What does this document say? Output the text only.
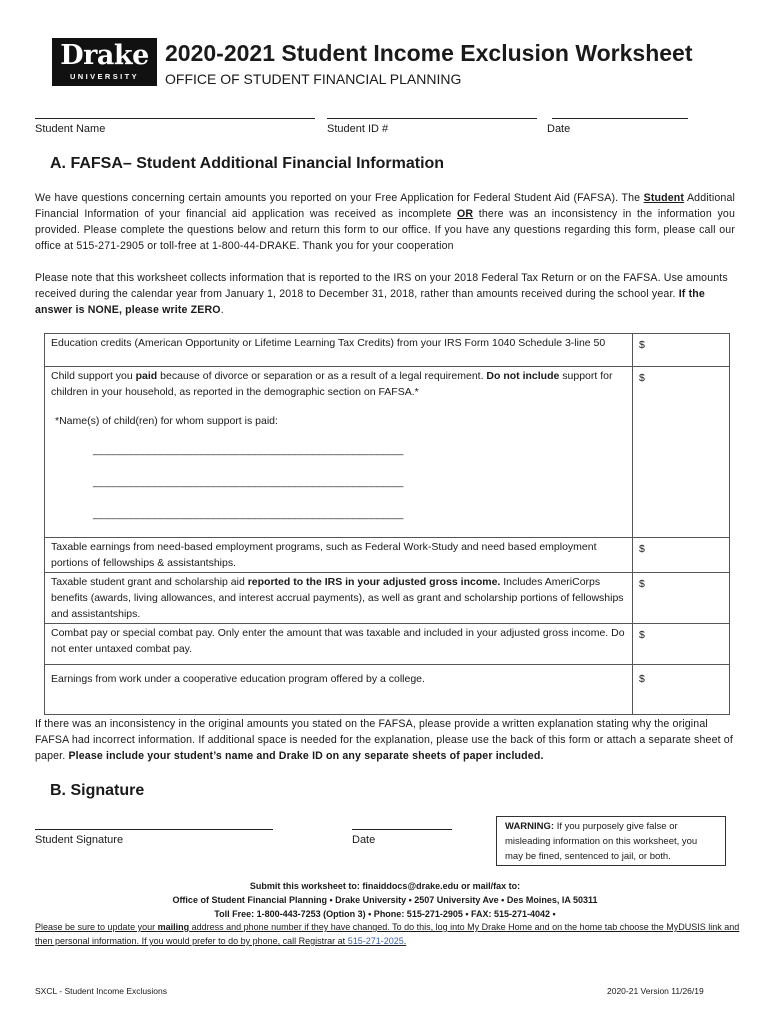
Drake
UNIVERSITY
2020-2021 Student Income Exclusion Worksheet
OFFICE OF STUDENT FINANCIAL PLANNING
Student Name	Student ID #	Date
A. FAFSA– Student Additional Financial Information
We have questions concerning certain amounts you reported on your Free Application for Federal Student Aid (FAFSA). The Student Additional Financial Information of your financial aid application was received as incomplete OR there was an inconsistency in the information you provided. Please complete the questions below and return this form to our office. If you have any questions regarding this form, please call our office at 515-271-2905 or toll-free at 1-800-44-DRAKE. Thank you for your cooperation
Please note that this worksheet collects information that is reported to the IRS on your 2018 Federal Tax Return or on the FAFSA. Use amounts received during the calendar year from January 1, 2018 to December 31, 2018, rather than amounts received during the school year. If the answer is NONE, please write ZERO.
Education credits (American Opportunity or Lifetime Learning Tax Credits) from your IRS Form 1040 Schedule 3-line 50	$

Child support you paid because of divorce or separation or as a result of a legal requirement. Do not include support for children in your household, as reported in the demographic section on FAFSA.*
*Name(s) of child(ren) for whom support is paid:
_____________________________________________________
_____________________________________________________
_____________________________________________________	$
Taxable earnings from need-based employment programs, such as Federal Work-Study and need based employment portions of fellowships & assistantships.	$
Taxable student grant and scholarship aid reported to the IRS in your adjusted gross income. Includes AmeriCorps benefits (awards, living allowances, and interest accrual payments), as well as grant and scholarship portions of fellowships and assistantships.	$
Combat pay or special combat pay. Only enter the amount that was taxable and included in your adjusted gross income. Do not enter untaxed combat pay.	$
Earnings from work under a cooperative education program offered by a college.	$
If there was an inconsistency in the original amounts you stated on the FAFSA, please provide a written explanation stating why the original FAFSA had incorrect information. If additional space is needed for the explanation, please use the back of this form or attach a separate sheet of paper. Please include your student’s name and Drake ID on any separate sheets of paper included.
B. Signature
Student Signature	Date
WARNING: If you purposely give false or misleading information on this worksheet, you may be fined, sentenced to jail, or both.
Submit this worksheet to: finaiddocs@drake.edu or mail/fax to:
Office of Student Financial Planning • Drake University • 2507 University Ave • Des Moines, IA 50311
Toll Free: 1-800-443-7253 (Option 3) • Phone: 515-271-2905 • FAX: 515-271-4042 •
Please be sure to update your mailing address and phone number if they have changed. To do this, log into My Drake Home and on the home tab choose the MyDUSIS link and then personal information. If you would prefer to do by phone, call Registrar at 515-271-2025.
SXCL - Student Income Exclusions	2020-21 Version 11/26/19
